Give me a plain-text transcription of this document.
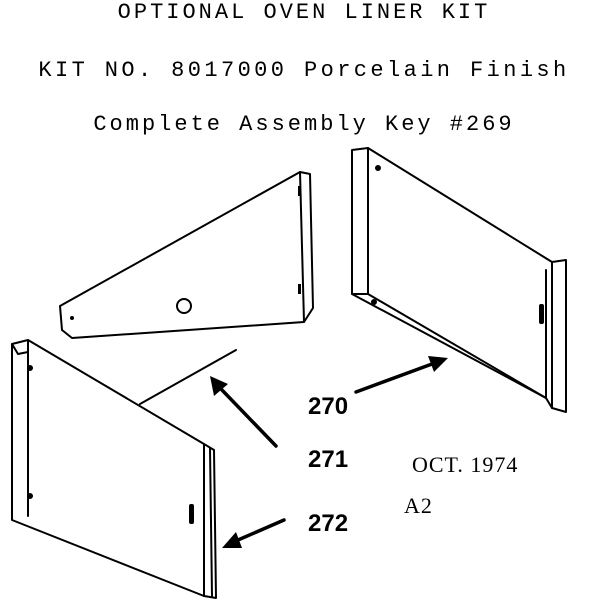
OPTIONAL OVEN LINER KIT
KIT NO. 8017000 Porcelain Finish
Complete Assembly Key #269
270
271
272
OCT. 1974
A2
